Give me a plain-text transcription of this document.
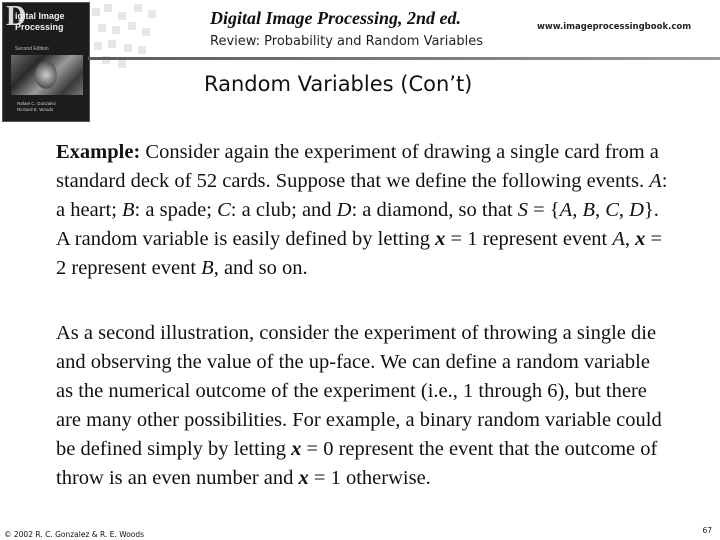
D
igital Image Processing
Second Edition
Rafael C. Gonzalez
Richard E. Woods
Digital Image Processing, 2nd ed.	www.imageprocessingbook.com
Review: Probability and Random Variables
Random Variables (Con’t)
Example: Consider again the experiment of drawing a single card from a standard deck of 52 cards. Suppose that we define the following events. A: a heart; B: a spade; C: a club; and D: a diamond, so that S = {A, B, C, D}. A random variable is easily defined by letting x = 1 represent event A, x = 2 represent event B, and so on.
As a second illustration, consider the experiment of throwing a single die and observing the value of the up-face. We can define a random variable as the numerical outcome of the experiment (i.e., 1 through 6), but there are many other possibilities. For example, a binary random variable could be defined simply by letting x = 0 represent the event that the outcome of throw is an even number and x = 1 otherwise.
© 2002 R. C. Gonzalez & R. E. Woods	67
